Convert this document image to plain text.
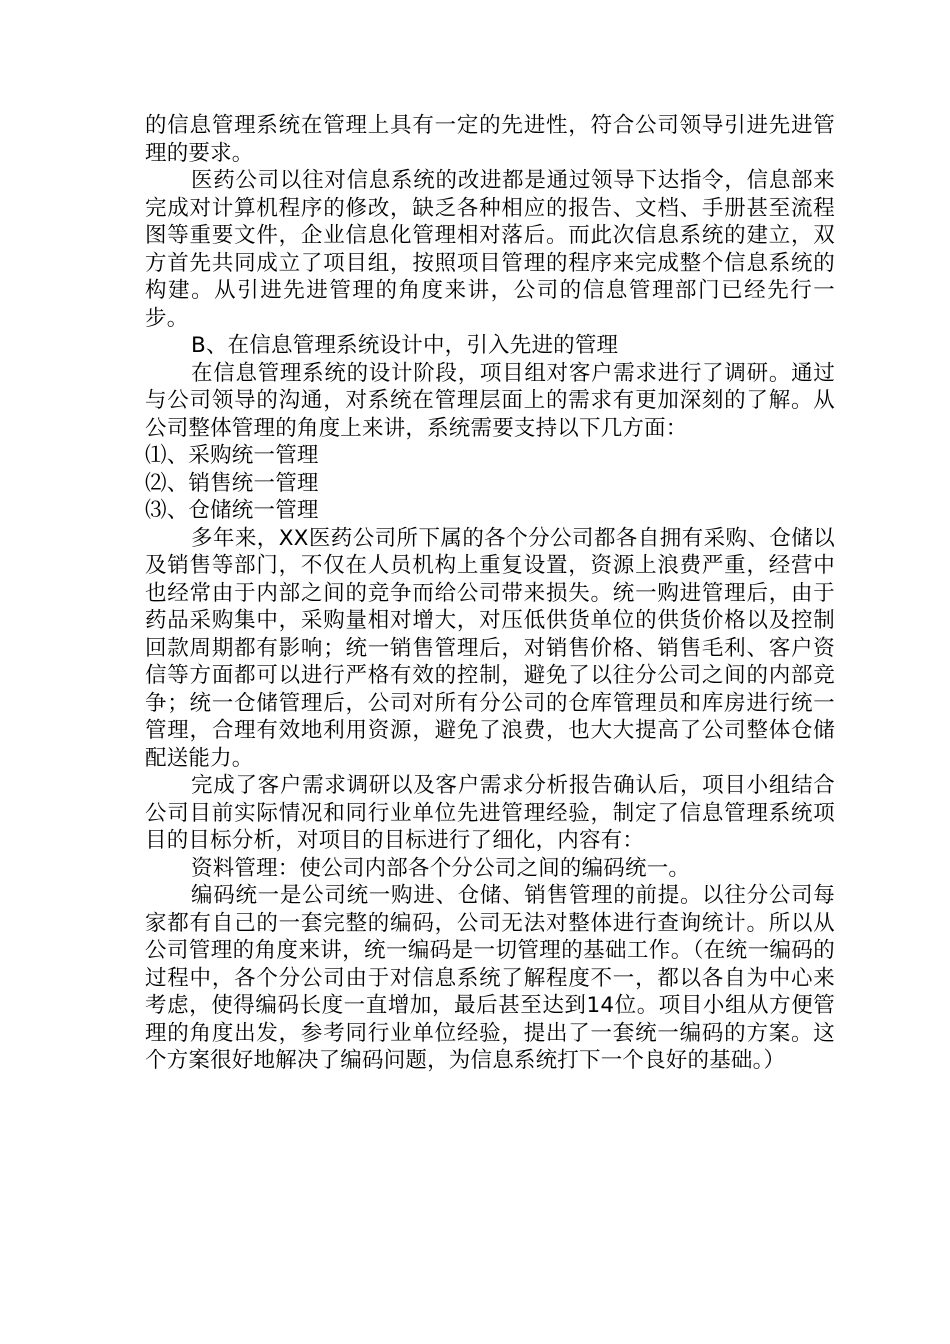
的信息管理系统在管理上具有一定的先进性，符合公司领导引进先进管理的要求。

医药公司以往对信息系统的改进都是通过领导下达指令，信息部来完成对计算机程序的修改，缺乏各种相应的报告、文档、手册甚至流程图等重要文件，企业信息化管理相对落后。而此次信息系统的建立，双方首先共同成立了项目组，按照项目管理的程序来完成整个信息系统的构建。从引进先进管理的角度来讲，公司的信息管理部门已经先行一步。

B、在信息管理系统设计中，引入先进的管理

在信息管理系统的设计阶段，项目组对客户需求进行了调研。通过与公司领导的沟通，对系统在管理层面上的需求有更加深刻的了解。从公司整体管理的角度上来讲，系统需要支持以下几方面：

⑴、采购统一管理

⑵、销售统一管理

⑶、仓储统一管理

多年来，XX医药公司所下属的各个分公司都各自拥有采购、仓储以及销售等部门，不仅在人员机构上重复设置，资源上浪费严重，经营中也经常由于内部之间的竞争而给公司带来损失。统一购进管理后，由于药品采购集中，采购量相对增大，对压低供货单位的供货价格以及控制回款周期都有影响；统一销售管理后，对销售价格、销售毛利、客户资信等方面都可以进行严格有效的控制，避免了以往分公司之间的内部竞争；统一仓储管理后，公司对所有分公司的仓库管理员和库房进行统一管理，合理有效地利用资源，避免了浪费，也大大提高了公司整体仓储配送能力。

完成了客户需求调研以及客户需求分析报告确认后，项目小组结合公司目前实际情况和同行业单位先进管理经验，制定了信息管理系统项目的目标分析，对项目的目标进行了细化，内容有：

资料管理：使公司内部各个分公司之间的编码统一。

编码统一是公司统一购进、仓储、销售管理的前提。以往分公司每家都有自己的一套完整的编码，公司无法对整体进行查询统计。所以从公司管理的角度来讲，统一编码是一切管理的基础工作。（在统一编码的过程中，各个分公司由于对信息系统了解程度不一，都以各自为中心来考虑，使得编码长度一直增加，最后甚至达到14位。项目小组从方便管理的角度出发，参考同行业单位经验，提出了一套统一编码的方案。这个方案很好地解决了编码问题，为信息系统打下一个良好的基础。）
